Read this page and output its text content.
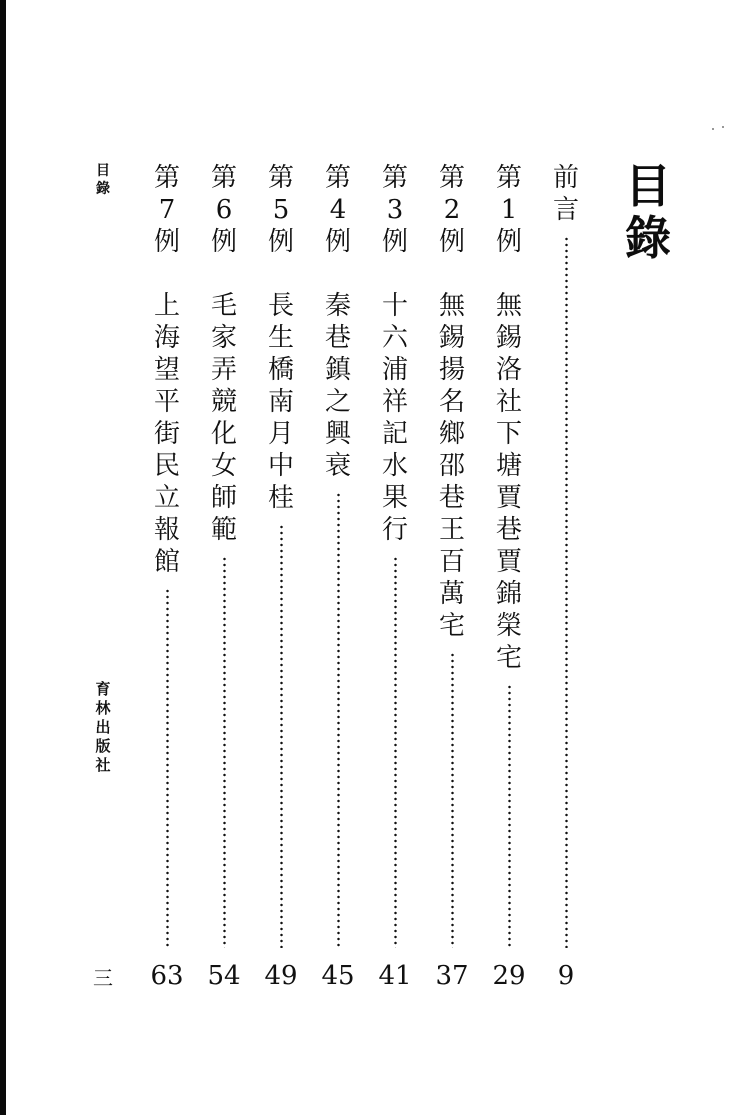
目
錄
前
言
9
第
1
例

無
錫
洛
社
下
塘
賈
巷
賈
錦
榮
宅
29
第
2
例

無
錫
揚
名
鄉
邵
巷
王
百
萬
宅
37
第
3
例

十
六
浦
祥
記
水
果
行
41
第
4
例

秦
巷
鎮
之
興
衰
45
第
5
例

長
生
橋
南
月
中
桂
49
第
6
例

毛
家
弄
競
化
女
師
範
54
第
7
例

上
海
望
平
街
民
立
報
館
63
目
錄
育
林
出
版
社
三
